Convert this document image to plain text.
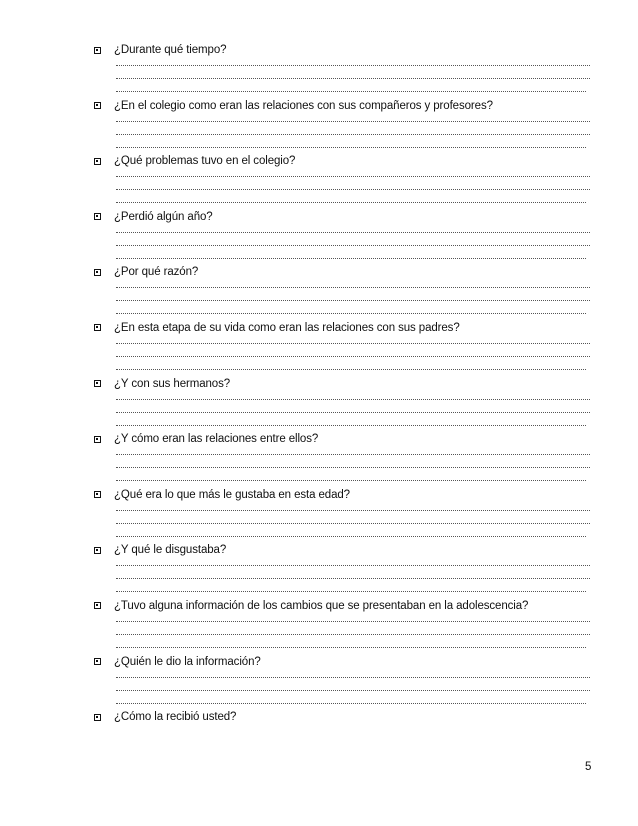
¿Durante qué tiempo?
¿En el colegio como eran las relaciones con sus compañeros y profesores?
¿Qué problemas tuvo en el colegio?
¿Perdió algún año?
¿Por qué razón?
¿En esta etapa de su vida como eran las relaciones con sus padres?
¿Y con sus hermanos?
¿Y cómo eran las relaciones entre ellos?
¿Qué era lo que más le gustaba en esta edad?
¿Y qué le disgustaba?
¿Tuvo alguna información de los cambios que se presentaban en la adolescencia?
¿Quién le dio la información?
¿Cómo la recibió usted?
5
